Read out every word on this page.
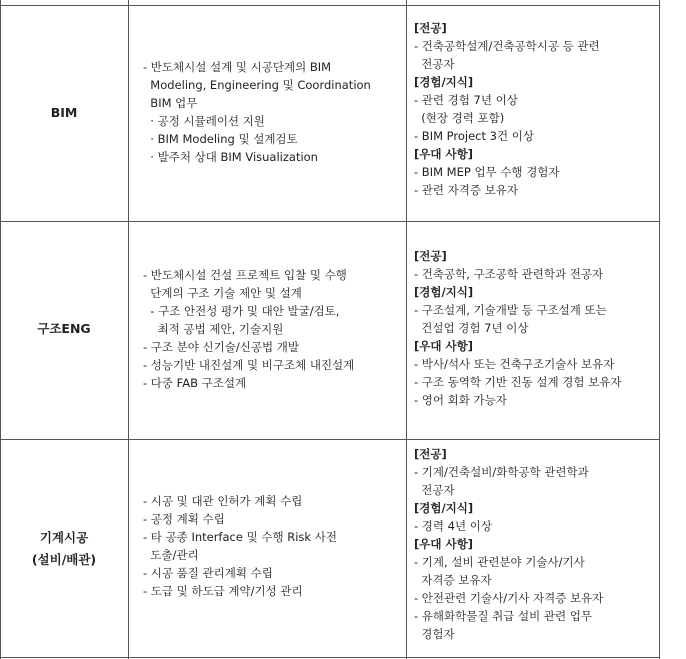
BIM
- 반도체시설 설계 및 시공단계의 BIM
Modeling, Engineering 및 Coordination
BIM 업무
· 공정 시뮬레이션 지원
· BIM Modeling 및 설계검토
· 발주처 상대 BIM Visualization
[전공]
- 건축공학설계/건축공학시공 등 관련
전공자
[경험/지식]
- 관련 경험 7년 이상
(현장 경력 포함)
- BIM Project 3건 이상
[우대 사항]
- BIM MEP 업무 수행 경험자
- 관련 자격증 보유자
구조ENG
- 반도체시설 건설 프로젝트 입찰 및 수행
단계의 구조 기술 제안 및 설계
- 구조 안전성 평가 및 대안 발굴/검토,
최적 공법 제안, 기술지원
- 구조 분야 신기술/신공법 개발
- 성능기반 내진설계 및 비구조체 내진설계
- 다중 FAB 구조설계
[전공]
- 건축공학, 구조공학 관련학과 전공자
[경험/지식]
- 구조설계, 기술개발 등 구조설계 또는
건설업 경험 7년 이상
[우대 사항]
- 박사/석사 또는 건축구조기술사 보유자
- 구조 동역학 기반 진동 설계 경험 보유자
- 영어 회화 가능자
기계시공
(설비/배관)
- 시공 및 대관 인허가 계획 수립
- 공정 계획 수립
- 타 공종 Interface 및 수행 Risk 사전
도출/관리
- 시공 품질 관리계획 수립
- 도급 및 하도급 계약/기성 관리
[전공]
- 기계/건축설비/화학공학 관련학과
전공자
[경험/지식]
- 경력 4년 이상
[우대 사항]
- 기계, 설비 관련분야 기술사/기사
자격증 보유자
- 안전관련 기술사/기사 자격증 보유자
- 유해화학물질 취급 설비 관련 업무
경험자
